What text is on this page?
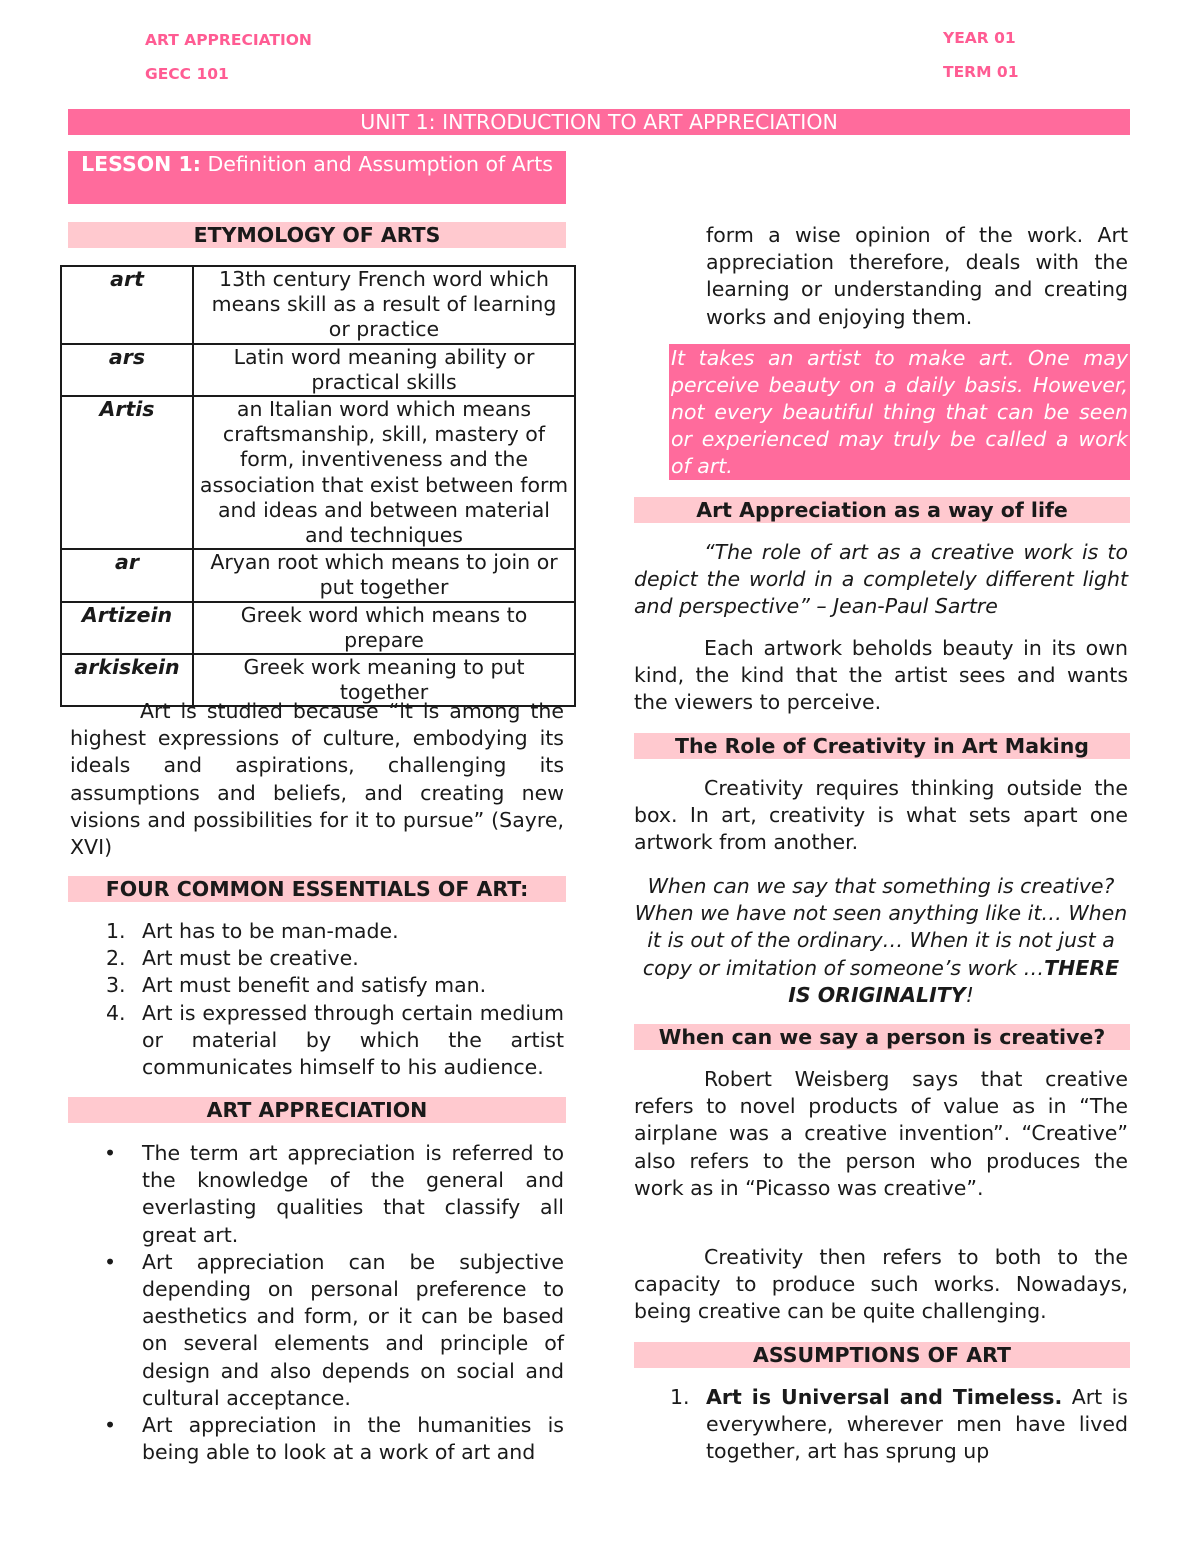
ART APPRECIATION
GECC 101
YEAR 01
TERM 01
UNIT 1: INTRODUCTION TO ART APPRECIATION
LESSON 1: Definition and Assumption of Arts
ETYMOLOGY OF ARTS
art	13th century French word which means skill as a result of learning or practice
ars	Latin word meaning ability or practical skills
Artis	an Italian word which means craftsmanship, skill, mastery of form, inventiveness and the association that exist between form and ideas and between material and techniques
ar	Aryan root which means to join or put together
Artizein	Greek word which means to prepare
arkiskein	Greek work meaning to put together

Art is studied because “it is among the highest expressions of culture, embodying its ideals and aspirations, challenging its assumptions and beliefs, and creating new visions and possibilities for it to pursue” (Sayre, XVI)

FOUR COMMON ESSENTIALS OF ART:
1. Art has to be man-made.
2. Art must be creative.
3. Art must benefit and satisfy man.
4. Art is expressed through certain medium or material by which the artist communicates himself to his audience.
ART APPRECIATION
• The term art appreciation is referred to the knowledge of the general and everlasting qualities that classify all great art.
• Art appreciation can be subjective depending on personal preference to aesthetics and form, or it can be based on several elements and principle of design and also depends on social and cultural acceptance.
• Art appreciation in the humanities is being able to look at a work of art and

form a wise opinion of the work. Art appreciation therefore, deals with the learning or understanding and creating works and enjoying them.

It takes an artist to make art. One may perceive beauty on a daily basis. However, not every beautiful thing that can be seen or experienced may truly be called a work of art.
Art Appreciation as a way of life

“The role of art as a creative work is to depict the world in a completely different light and perspective” – Jean-Paul Sartre

Each artwork beholds beauty in its own kind, the kind that the artist sees and wants the viewers to perceive.

The Role of Creativity in Art Making

Creativity requires thinking outside the box. In art, creativity is what sets apart one artwork from another.

When can we say that something is creative? When we have not seen anything like it… When it is out of the ordinary… When it is not just a copy or imitation of someone’s work …THERE IS ORIGINALITY!

When can we say a person is creative?

Robert Weisberg says that creative refers to novel products of value as in “The airplane was a creative invention”. “Creative” also refers to the person who produces the work as in “Picasso was creative”.

Creativity then refers to both to the capacity to produce such works. Nowadays, being creative can be quite challenging.

ASSUMPTIONS OF ART
1. Art is Universal and Timeless. Art is everywhere, wherever men have lived together, art has sprung up
